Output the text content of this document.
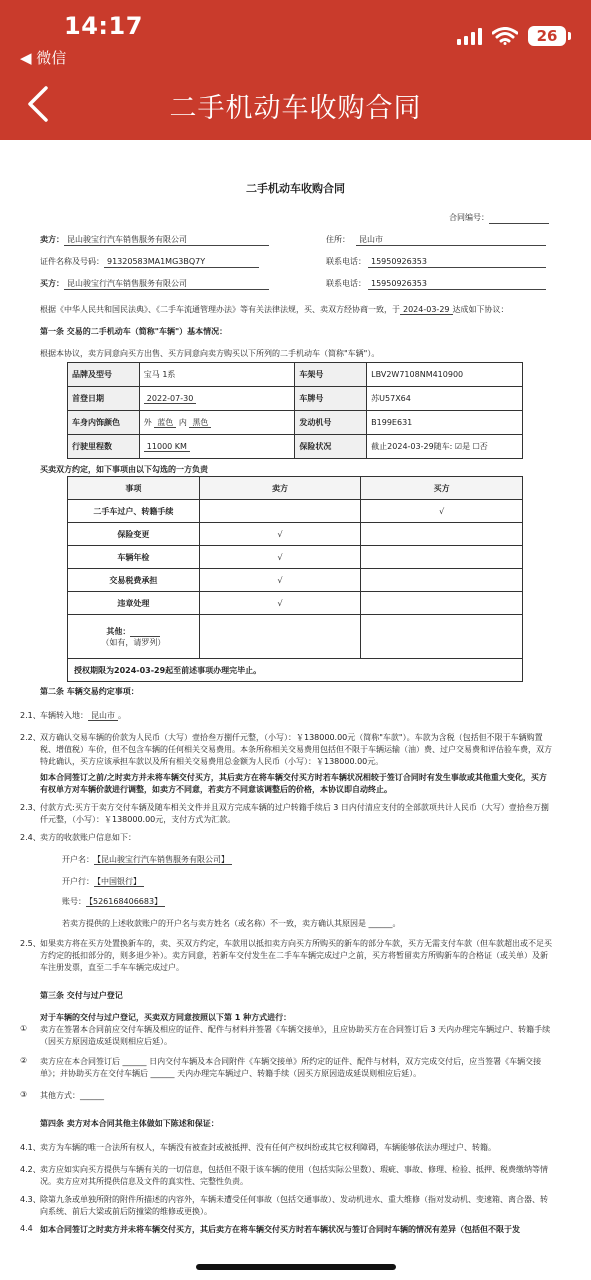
14:17
◀ 微信
26
二手机动车收购合同
二手机动车收购合同
合同编号：
卖方： 昆山骏宝行汽车销售服务有限公司	住所：	昆山市
证件名称及号码： 91320583MA1MG3BQ7Y	联系电话： 15950926353
买方： 昆山骏宝行汽车销售服务有限公司	联系电话： 15950926353
根据《中华人民共和国民法典》、《二手车流通管理办法》等有关法律法规，买、卖双方经协商一致，于 2024-03-29 达成如下协议：
第一条 交易的二手机动车（简称"车辆"）基本情况：
根据本协议，卖方同意向买方出售、买方同意向卖方购买以下所列的二手机动车（简称"车辆"）。
品牌及型号	宝马 1系	车架号	LBV2W7108NM410900
首登日期	2022-07-30	车牌号	苏U57X64
车身内饰颜色	外 蓝色 内 黑色	发动机号	B199E631
行驶里程数	11000 KM	保险状况	截止2024-03-29随车: ☑是 ☐否
买卖双方约定，如下事项由以下勾选的一方负责
事项	卖方	买方
二手车过户、转籍手续		√
保险变更	√	
车辆年检	√	
交易税费承担	√	
违章处理	√	

其他：
（如有，请罗列）		

授权期限为2024-03-29起至前述事项办理完毕止。		
第二条 车辆交易约定事项：
2.1、 车辆转入地： 昆山市 。
2.2、 双方确认交易车辆的价款为人民币（大写）壹拾叁万捌仟元整，（小写）：￥138000.00元（简称"车款"）。车款为含税（包括但不限于车辆购置税、增值税）车价，但不包含车辆的任何相关交易费用。本条所称相关交易费用包括但不限于车辆运输（油）费、过户交易费和评估验车费，双方特此确认，买方应该承担车款以及所有相关交易费用总金额为人民币（小写）：￥138000.00元。
如本合同签订之前/之时卖方并未将车辆交付买方，其后卖方在将车辆交付买方时若车辆状况相较于签订合同时有发生事故或其他重大变化，买方有权单方对车辆价款进行调整，如卖方不同意，若卖方不同意该调整后的价格，本协议即自动终止。
2.3、 付款方式:买方于卖方交付车辆及随车相关文件并且双方完成车辆的过户转籍手续后 3 日内付清应支付的全部款项共计人民币（大写）壹拾叁万捌仟元整，（小写）：￥138000.00元，支付方式为汇款。
2.4、 卖方的收款账户信息如下：
开户名： 【昆山骏宝行汽车销售服务有限公司】
开户行： 【中国银行】
账号： 【526168406683】
若卖方提供的上述收款账户的开户名与卖方姓名（或名称）不一致，卖方确认其原因是 ______。
2.5、 如果卖方将在买方处置换新车的，卖、买双方约定，车款用以抵扣卖方向买方所购买的新车的部分车款，买方无需支付车款（但车款超出或不足买方约定的抵扣部分的，则多退少补）。卖方同意，若新车交付发生在二手车车辆完成过户之前，买方将暂留卖方所购新车的合格证（或关单）及新车注册发票，直至二手车车辆完成过户。
第三条 交付与过户登记
对于车辆的交付与过户登记，买卖双方同意按照以下第 1 种方式进行：
① 卖方在签署本合同前应交付车辆及相应的证件、配件与材料并签署《车辆交接单》，且应协助买方在合同签订后 3 天内办理完车辆过户、转籍手续（因买方原因造成延误则相应后延）。
② 卖方应在本合同签订后 ______ 日内交付车辆及本合同附件《车辆交接单》所约定的证件、配件与材料，双方完成交付后，应当签署《车辆交接单》；并协助买方在交付车辆后 ______ 天内办理完车辆过户、转籍手续（因买方原因造成延误则相应后延）。
③ 其他方式：______
第四条 卖方对本合同其他主体做如下陈述和保证：
4.1、 卖方为车辆的唯一合法所有权人，车辆没有被查封或被抵押、没有任何产权纠纷或其它权利障碍，车辆能够依法办理过户、转籍。
4.2、 卖方应如实向买方提供与车辆有关的一切信息，包括但不限于该车辆的使用（包括实际公里数）、瑕疵、事故、修理、检验、抵押、税费缴纳等情况。卖方应对其所提供信息及文件的真实性、完整性负责。
4.3、 除第九条或单独所附的附件所描述的内容外，车辆未遭受任何事故（包括交通事故）、发动机进水、重大维修（指对发动机、变速箱、离合器、转向系统、前后大梁或前后防撞梁的维修或更换）。
4.4 如本合同签订之时卖方并未将车辆交付买方，其后卖方在将车辆交付买方时若车辆状况与签订合同时车辆的情况有差异（包括但不限于发
